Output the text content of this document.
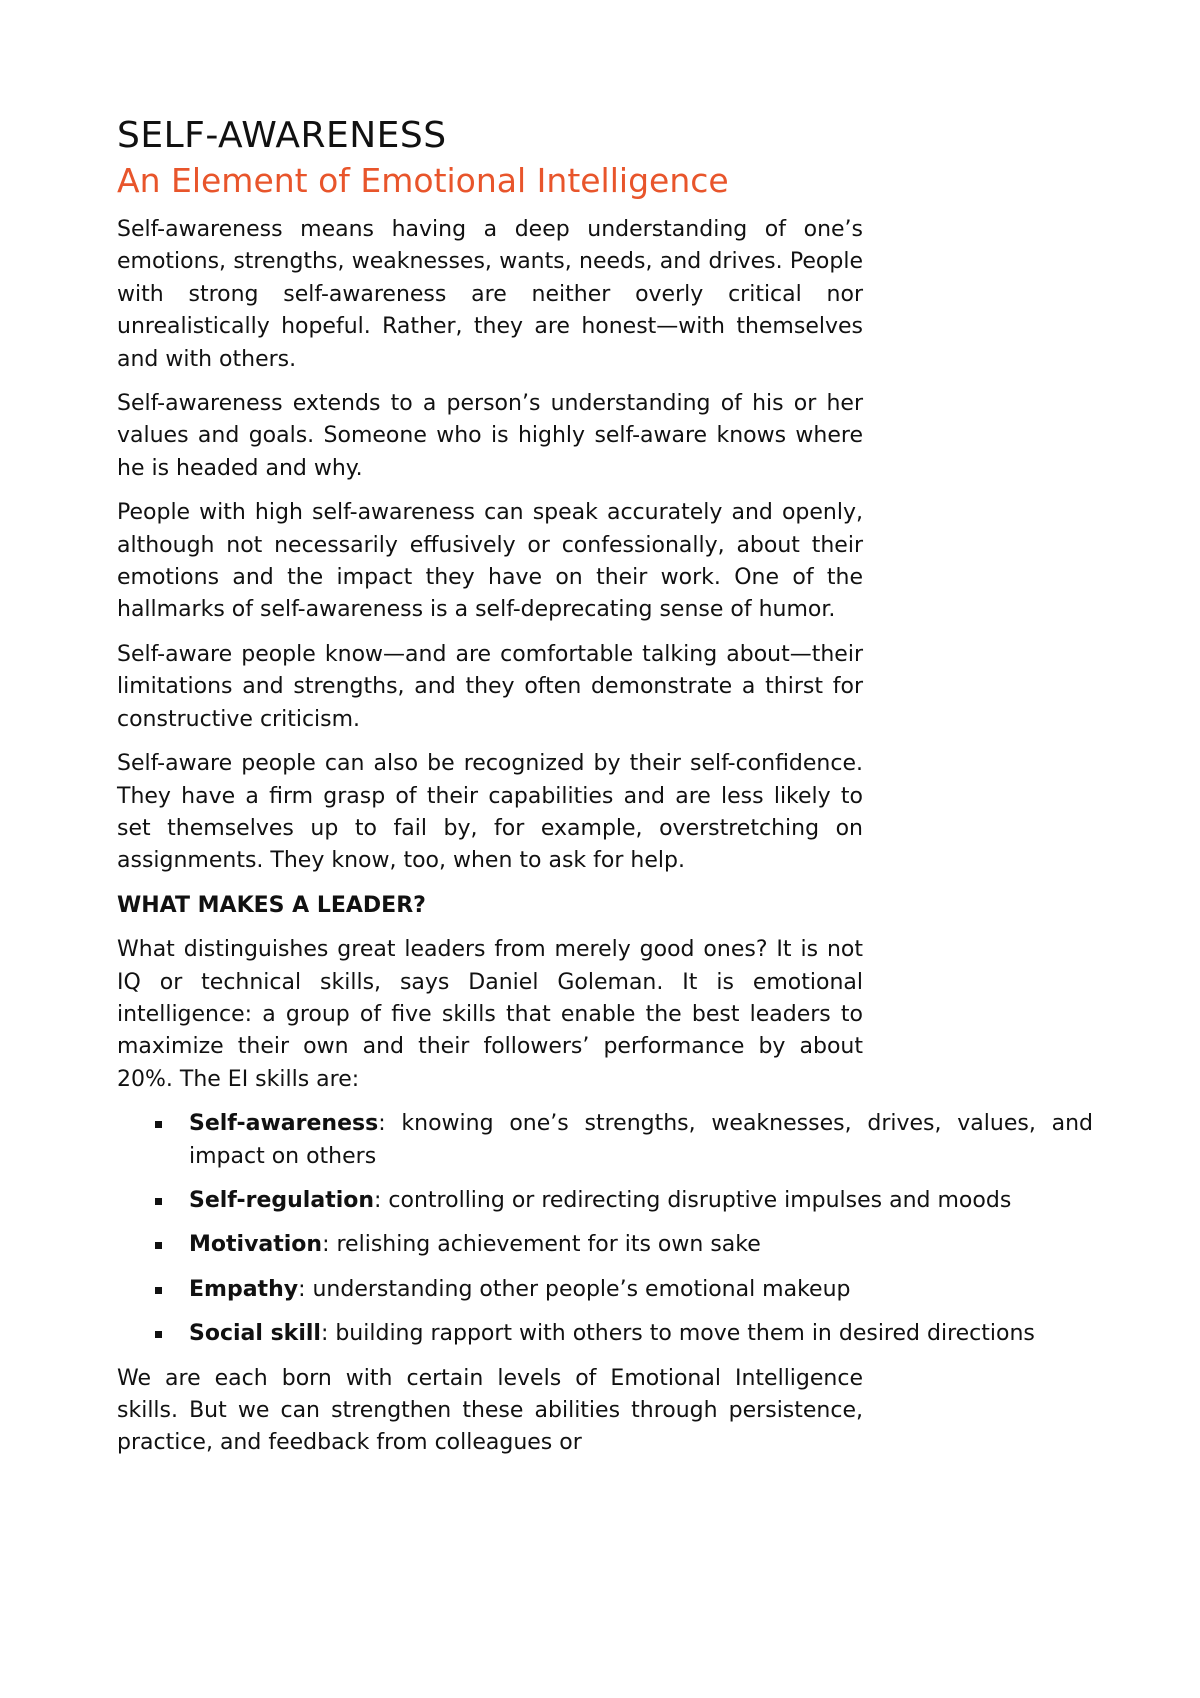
SELF-AWARENESS
An Element of Emotional Intelligence

Self-awareness means having a deep understanding of one’s emotions, strengths, weaknesses, wants, needs, and drives. People with strong self-awareness are neither overly critical nor unrealistically hopeful. Rather, they are honest—with themselves and with others.

Self-awareness extends to a person’s understanding of his or her values and goals. Someone who is highly self-aware knows where he is headed and why.

People with high self-awareness can speak accurately and openly, although not necessarily effusively or confessionally, about their emotions and the impact they have on their work. One of the hallmarks of self-awareness is a self-deprecating sense of humor.

Self-aware people know—and are comfortable talking about—their limitations and strengths, and they often demonstrate a thirst for constructive criticism.

Self-aware people can also be recognized by their self-confidence. They have a firm grasp of their capabilities and are less likely to set themselves up to fail by, for example, overstretching on assignments. They know, too, when to ask for help.

WHAT MAKES A LEADER?

What distinguishes great leaders from merely good ones? It is not IQ or technical skills, says Daniel Goleman. It is emotional intelligence: a group of five skills that enable the best leaders to maximize their own and their followers’ performance by about 20%. The EI skills are:

Self-awareness: knowing one’s strengths, weaknesses, drives, values, and impact on others
Self-regulation: controlling or redirecting disruptive impulses and moods
Motivation: relishing achievement for its own sake
Empathy: understanding other people’s emotional makeup
Social skill: building rapport with others to move them in desired directions

We are each born with certain levels of Emotional Intelligence skills. But we can strengthen these abilities through persistence, practice, and feedback from colleagues or
